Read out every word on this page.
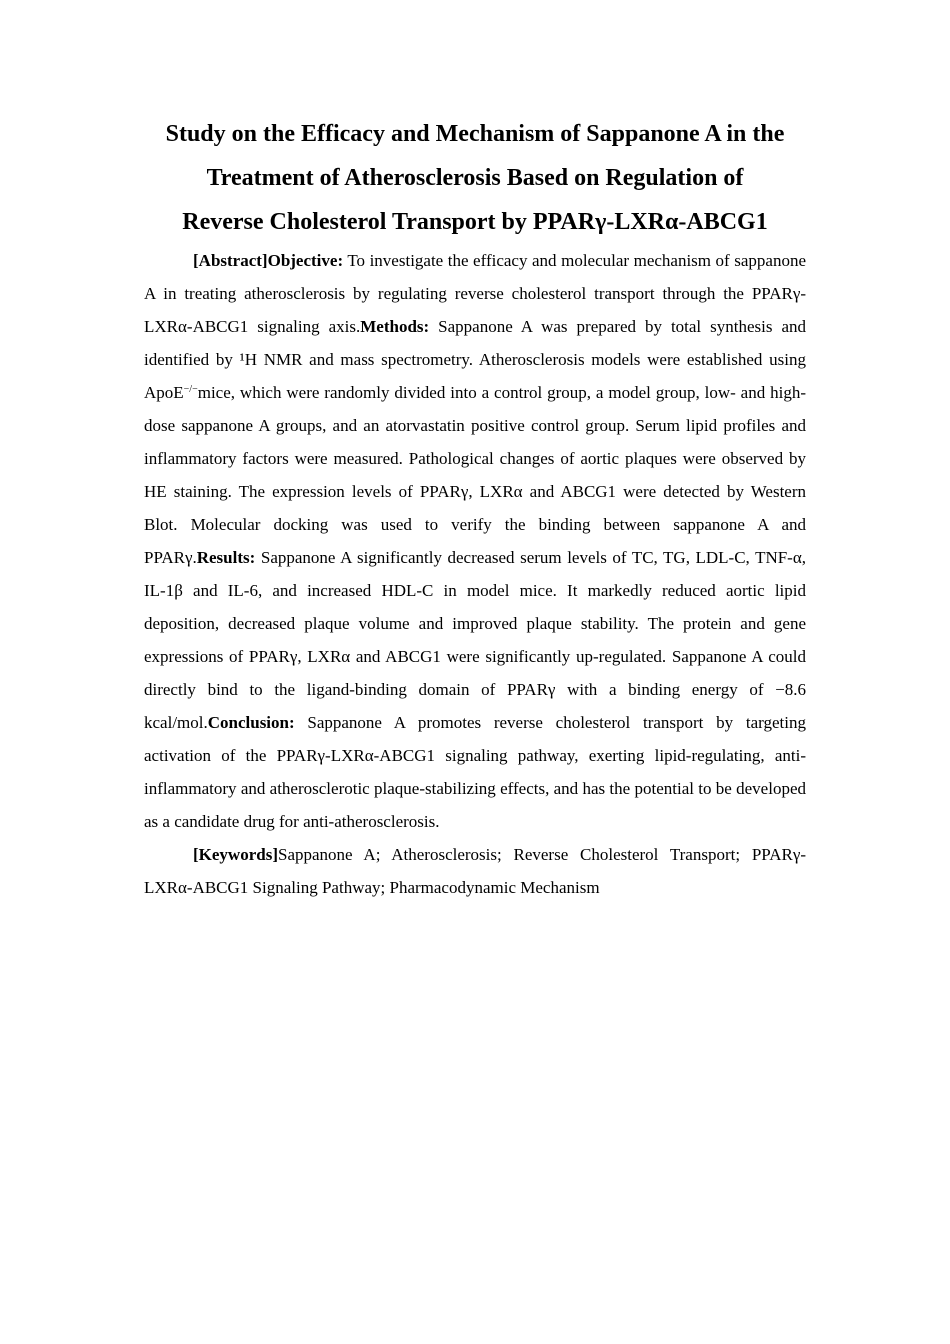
Study on the Efficacy and Mechanism of Sappanone A in the
Treatment of Atherosclerosis Based on Regulation of
Reverse Cholesterol Transport by PPARγ-LXRα-ABCG1

[Abstract]Objective: To investigate the efficacy and molecular mechanism of sappanone A in treating atherosclerosis by regulating reverse cholesterol transport through the PPARγ-LXRα-ABCG1 signaling axis.Methods: Sappanone A was prepared by total synthesis and identified by ¹H NMR and mass spectrometry. Atherosclerosis models were established using ApoE−/−mice, which were randomly divided into a control group, a model group, low- and high-dose sappanone A groups, and an atorvastatin positive control group. Serum lipid profiles and inflammatory factors were measured. Pathological changes of aortic plaques were observed by HE staining. The expression levels of PPARγ, LXRα and ABCG1 were detected by Western Blot. Molecular docking was used to verify the binding between sappanone A and PPARγ.Results: Sappanone A significantly decreased serum levels of TC, TG, LDL-C, TNF-α, IL-1β and IL-6, and increased HDL-C in model mice. It markedly reduced aortic lipid deposition, decreased plaque volume and improved plaque stability. The protein and gene expressions of PPARγ, LXRα and ABCG1 were significantly up-regulated. Sappanone A could directly bind to the ligand-binding domain of PPARγ with a binding energy of −8.6 kcal/mol.Conclusion: Sappanone A promotes reverse cholesterol transport by targeting activation of the PPARγ-LXRα-ABCG1 signaling pathway, exerting lipid-regulating, anti-inflammatory and atherosclerotic plaque-stabilizing effects, and has the potential to be developed as a candidate drug for anti-atherosclerosis.

[Keywords]Sappanone A; Atherosclerosis; Reverse Cholesterol Transport; PPARγ-LXRα-ABCG1 Signaling Pathway; Pharmacodynamic Mechanism
